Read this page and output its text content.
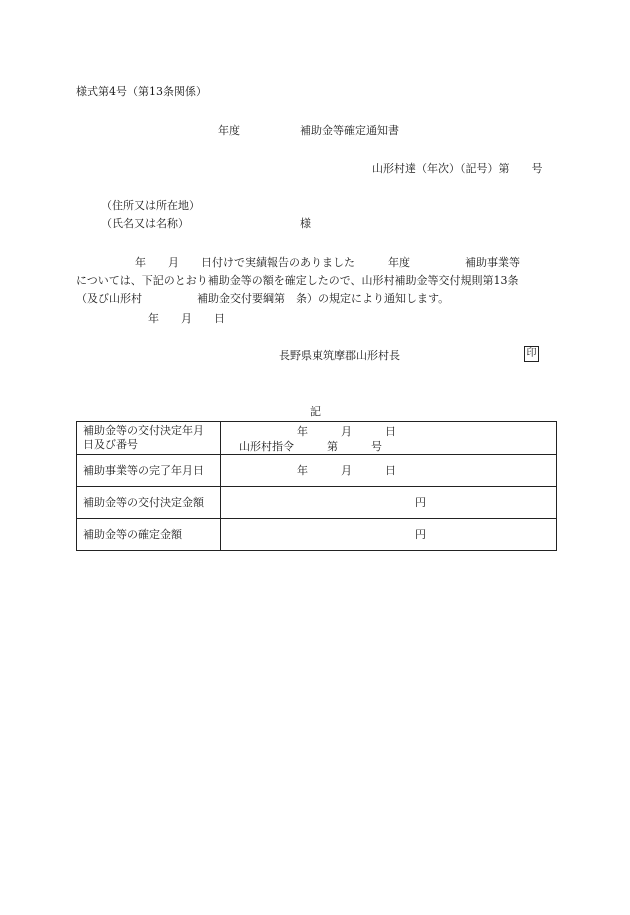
様式第4号（第13条関係）
年度	補助金等確定通知書
山形村達（年次）（記号）第　　号
（住所又は所在地）
（氏名又は名称）	様
年　　月　　日付けで実績報告のありました　　　年度　　　　　補助事業等
については、下記のとおり補助金等の額を確定したので、山形村補助金等交付規則第13条
（及び山形村　　　　　補助金交付要綱第　条）の規定により通知します。
年　　月　　日
長野県東筑摩郡山形村長	印
記
補助金等の交付決定年月日及び番号	年　　　月　　　日
山形村指令　　　第　　　号

補助事業等の完了年月日	年　　　月　　　日

補助金等の交付決定金額	円

補助金等の確定金額	円
